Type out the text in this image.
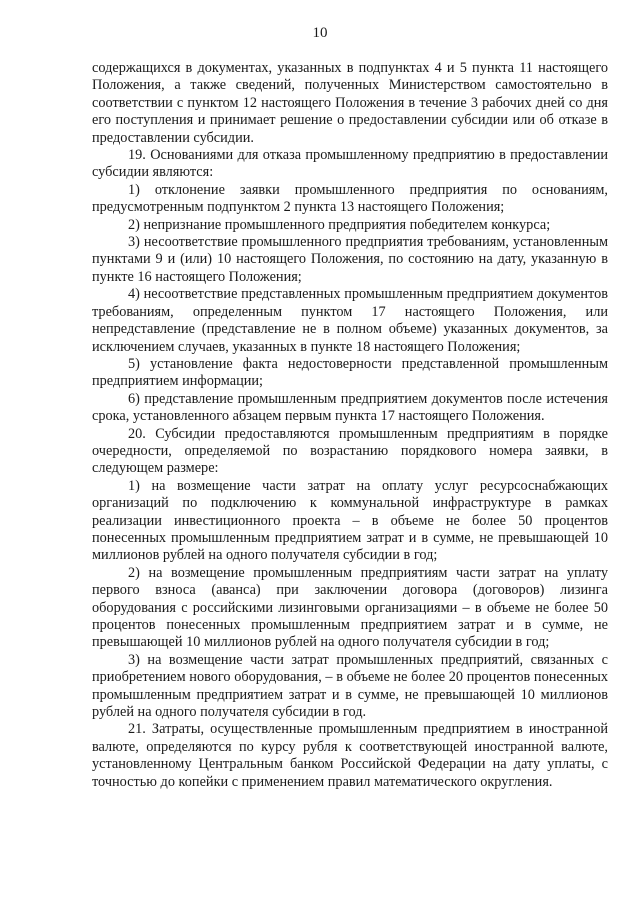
10

содержащихся в документах, указанных в подпунктах 4 и 5 пункта 11 настоящего Положения, а также сведений, полученных Министерством самостоятельно в соответствии с пунктом 12 настоящего Положения в течение 3 рабочих дней со дня его поступления и принимает решение о предоставлении субсидии или об отказе в предоставлении субсидии.

19. Основаниями для отказа промышленному предприятию в предоставлении субсидии являются:

1) отклонение заявки промышленного предприятия по основаниям, предусмотренным подпунктом 2 пункта 13 настоящего Положения;

2) непризнание промышленного предприятия победителем конкурса;

3) несоответствие промышленного предприятия требованиям, установленным пунктами 9 и (или) 10 настоящего Положения, по состоянию на дату, указанную в пункте 16 настоящего Положения;

4) несоответствие представленных промышленным предприятием документов требованиям, определенным пунктом 17 настоящего Положения, или непредставление (представление не в полном объеме) указанных документов, за исключением случаев, указанных в пункте 18 настоящего Положения;

5) установление факта недостоверности представленной промышленным предприятием информации;

6) представление промышленным предприятием документов после истечения срока, установленного абзацем первым пункта 17 настоящего Положения.

20. Субсидии предоставляются промышленным предприятиям в порядке очередности, определяемой по возрастанию порядкового номера заявки, в следующем размере:

1) на возмещение части затрат на оплату услуг ресурсоснабжающих организаций по подключению к коммунальной инфраструктуре в рамках реализации инвестиционного проекта – в объеме не более 50 процентов понесенных промышленным предприятием затрат и в сумме, не превышающей 10 миллионов рублей на одного получателя субсидии в год;

2) на возмещение промышленным предприятиям части затрат на уплату первого взноса (аванса) при заключении договора (договоров) лизинга оборудования с российскими лизинговыми организациями – в объеме не более 50 процентов понесенных промышленным предприятием затрат и в сумме, не превышающей 10 миллионов рублей на одного получателя субсидии в год;

3) на возмещение части затрат промышленных предприятий, связанных с приобретением нового оборудования, – в объеме не более 20 процентов понесенных промышленным предприятием затрат и в сумме, не превышающей 10 миллионов рублей на одного получателя субсидии в год.

21. Затраты, осуществленные промышленным предприятием в иностранной валюте, определяются по курсу рубля к соответствующей иностранной валюте, установленному Центральным банком Российской Федерации на дату уплаты, с точностью до копейки с применением правил математического округления.
